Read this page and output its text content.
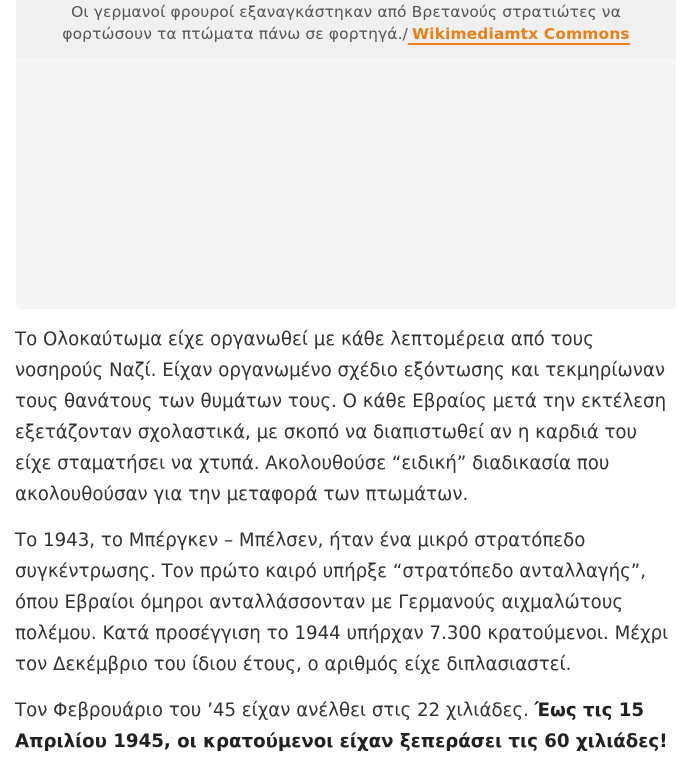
Οι γερμανοί φρουροί εξαναγκάστηκαν από Βρετανούς στρατιώτες να φορτώσουν τα πτώματα πάνω σε φορτηγά./ Wikimediamtx Commons

Το Ολοκαύτωμα είχε οργανωθεί με κάθε λεπτομέρεια από τους νοσηρούς Ναζί. Είχαν οργανωμένο σχέδιο εξόντωσης και τεκμηρίωναν τους θανάτους των θυμάτων τους. Ο κάθε Εβραίος μετά την εκτέλεση εξετάζονταν σχολαστικά, με σκοπό να διαπιστωθεί αν η καρδιά του είχε σταματήσει να χτυπά. Ακολουθούσε “ειδική” διαδικασία που ακολουθούσαν για την μεταφορά των πτωμάτων.

Το 1943, το Μπέργκεν – Μπέλσεν, ήταν ένα μικρό στρατόπεδο συγκέντρωσης. Τον πρώτο καιρό υπήρξε “στρατόπεδο ανταλλαγής”, όπου Εβραίοι όμηροι ανταλλάσσονταν με Γερμανούς αιχμαλώτους πολέμου. Κατά προσέγγιση το 1944 υπήρχαν 7.300 κρατούμενοι. Μέχρι τον Δεκέμβριο του ίδιου έτους, ο αριθμός είχε διπλασιαστεί.

Τον Φεβρουάριο του ’45 είχαν ανέλθει στις 22 χιλιάδες. Έως τις 15 Απριλίου 1945, οι κρατούμενοι είχαν ξεπεράσει τις 60 χιλιάδες!
